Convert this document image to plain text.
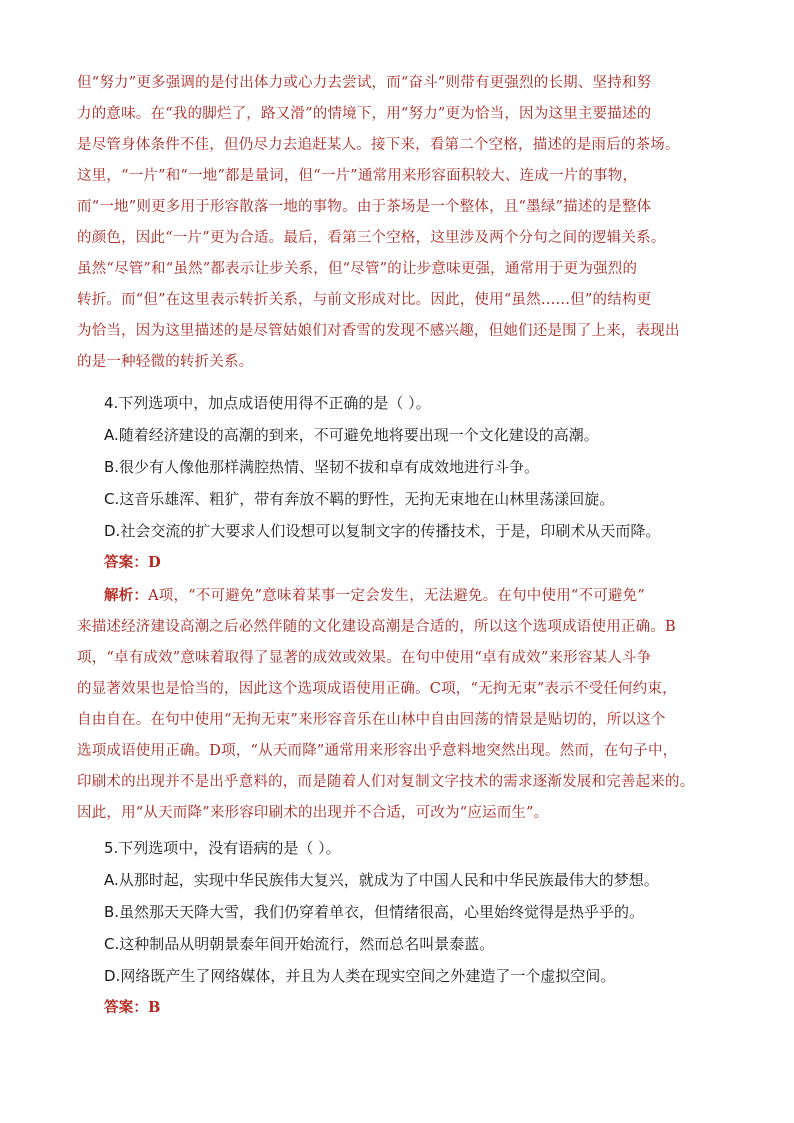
但“努力”更多强调的是付出体力或心力去尝试，而“奋斗”则带有更强烈的长期、坚持和努
力的意味。在“我的脚烂了，路又滑”的情境下，用“努力”更为恰当，因为这里主要描述的
是尽管身体条件不佳，但仍尽力去追赶某人。接下来，看第二个空格，描述的是雨后的茶场。
这里，“一片”和“一地”都是量词，但“一片”通常用来形容面积较大、连成一片的事物，
而“一地”则更多用于形容散落一地的事物。由于茶场是一个整体，且“墨绿”描述的是整体
的颜色，因此“一片”更为合适。最后，看第三个空格，这里涉及两个分句之间的逻辑关系。
虽然“尽管”和“虽然”都表示让步关系，但“尽管”的让步意味更强，通常用于更为强烈的
转折。而“但”在这里表示转折关系，与前文形成对比。因此，使用“虽然……但”的结构更
为恰当，因为这里描述的是尽管姑娘们对香雪的发现不感兴趣，但她们还是围了上来，表现出
的是一种轻微的转折关系。
4.下列选项中，加点成语使用得不正确的是（ ）。
A.随着经济建设的高潮的到来，不可避免地将要出现一个文化建设的高潮。
B.很少有人像他那样满腔热情、坚韧不拔和卓有成效地进行斗争。
C.这音乐雄浑、粗犷，带有奔放不羁的野性，无拘无束地在山林里荡漾回旋。
D.社会交流的扩大要求人们设想可以复制文字的传播技术，于是，印刷术从天而降。
答案：D
解析：A项，“不可避免”意味着某事一定会发生，无法避免。在句中使用“不可避免”
来描述经济建设高潮之后必然伴随的文化建设高潮是合适的，所以这个选项成语使用正确。B
项，“卓有成效”意味着取得了显著的成效或效果。在句中使用“卓有成效”来形容某人斗争
的显著效果也是恰当的，因此这个选项成语使用正确。C项，“无拘无束”表示不受任何约束，
自由自在。在句中使用“无拘无束”来形容音乐在山林中自由回荡的情景是贴切的，所以这个
选项成语使用正确。D项，“从天而降”通常用来形容出乎意料地突然出现。然而，在句子中，
印刷术的出现并不是出乎意料的，而是随着人们对复制文字技术的需求逐渐发展和完善起来的。
因此，用“从天而降”来形容印刷术的出现并不合适，可改为“应运而生”。
5.下列选项中，没有语病的是（ ）。
A.从那时起，实现中华民族伟大复兴，就成为了中国人民和中华民族最伟大的梦想。
B.虽然那天天降大雪，我们仍穿着单衣，但情绪很高，心里始终觉得是热乎乎的。
C.这种制品从明朝景泰年间开始流行，然而总名叫景泰蓝。
D.网络既产生了网络媒体，并且为人类在现实空间之外建造了一个虚拟空间。
答案：B
